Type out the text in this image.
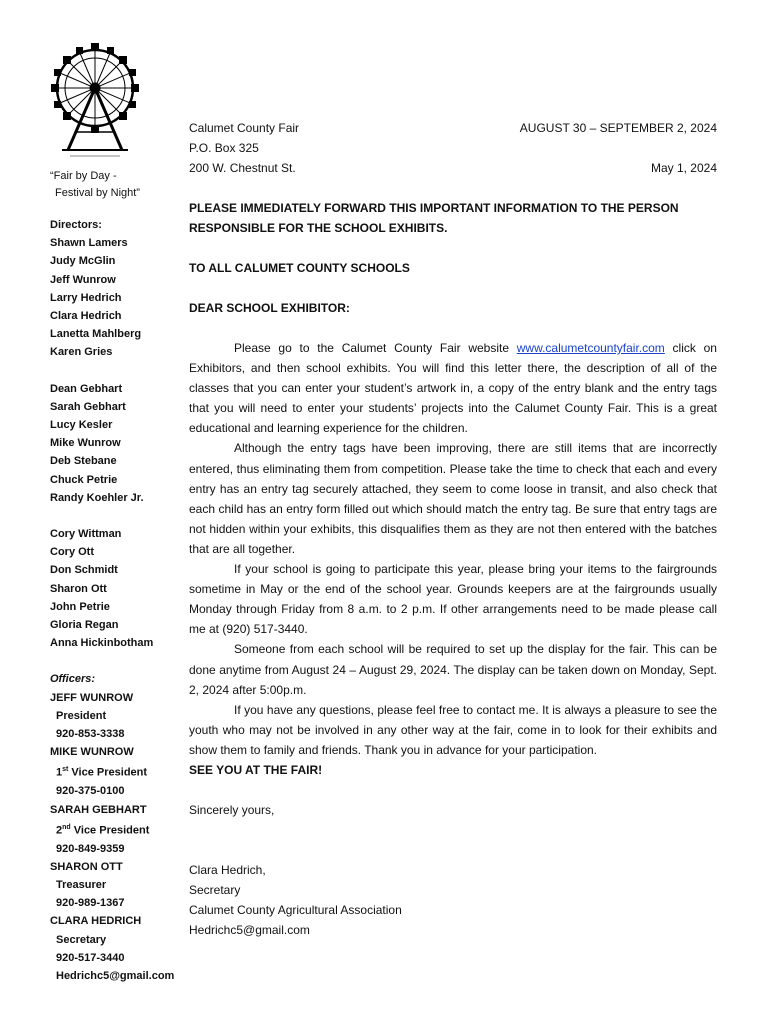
“Fair by Day -
Festival by Night”
Directors:
Shawn Lamers
Judy McGlin
Jeff Wunrow
Larry Hedrich
Clara Hedrich
Lanetta Mahlberg
Karen Gries
Dean Gebhart
Sarah Gebhart
Lucy Kesler
Mike Wunrow
Deb Stebane
Chuck Petrie
Randy Koehler Jr.
Cory Wittman
Cory Ott
Don Schmidt
Sharon Ott
John Petrie
Gloria Regan
Anna Hickinbotham
Officers:
JEFF WUNROW
President
920-853-3338
MIKE WUNROW
1st Vice President
920-375-0100
SARAH GEBHART
2nd Vice President
920-849-9359
SHARON OTT
Treasurer
920-989-1367
CLARA HEDRICH
Secretary
920-517-3440
Hedrichc5@gmail.com
Calumet County Fair	AUGUST 30 – SEPTEMBER 2, 2024
P.O. Box 325
200 W. Chestnut St.	May 1, 2024
PLEASE IMMEDIATELY FORWARD THIS IMPORTANT INFORMATION TO THE PERSON
RESPONSIBLE FOR THE SCHOOL EXHIBITS.
TO ALL CALUMET COUNTY SCHOOLS
DEAR SCHOOL EXHIBITOR:
Please go to the Calumet County Fair website www.calumetcountyfair.com click on Exhibitors, and then school exhibits. You will find this letter there, the description of all of the classes that you can enter your student’s artwork in, a copy of the entry blank and the entry tags that you will need to enter your students’ projects into the Calumet County Fair. This is a great educational and learning experience for the children.
Although the entry tags have been improving, there are still items that are incorrectly entered, thus eliminating them from competition. Please take the time to check that each and every entry has an entry tag securely attached, they seem to come loose in transit, and also check that each child has an entry form filled out which should match the entry tag. Be sure that entry tags are not hidden within your exhibits, this disqualifies them as they are not then entered with the batches that are all together.
If your school is going to participate this year, please bring your items to the fairgrounds sometime in May or the end of the school year. Grounds keepers are at the fairgrounds usually Monday through Friday from 8 a.m. to 2 p.m. If other arrangements need to be made please call me at (920) 517-3440.
Someone from each school will be required to set up the display for the fair. This can be done anytime from August 24 – August 29, 2024. The display can be taken down on Monday, Sept. 2, 2024 after 5:00p.m.
If you have any questions, please feel free to contact me. It is always a pleasure to see the youth who may not be involved in any other way at the fair, come in to look for their exhibits and show them to family and friends. Thank you in advance for your participation.
SEE YOU AT THE FAIR!
Sincerely yours,
Clara Hedrich,
Secretary
Calumet County Agricultural Association
Hedrichc5@gmail.com
